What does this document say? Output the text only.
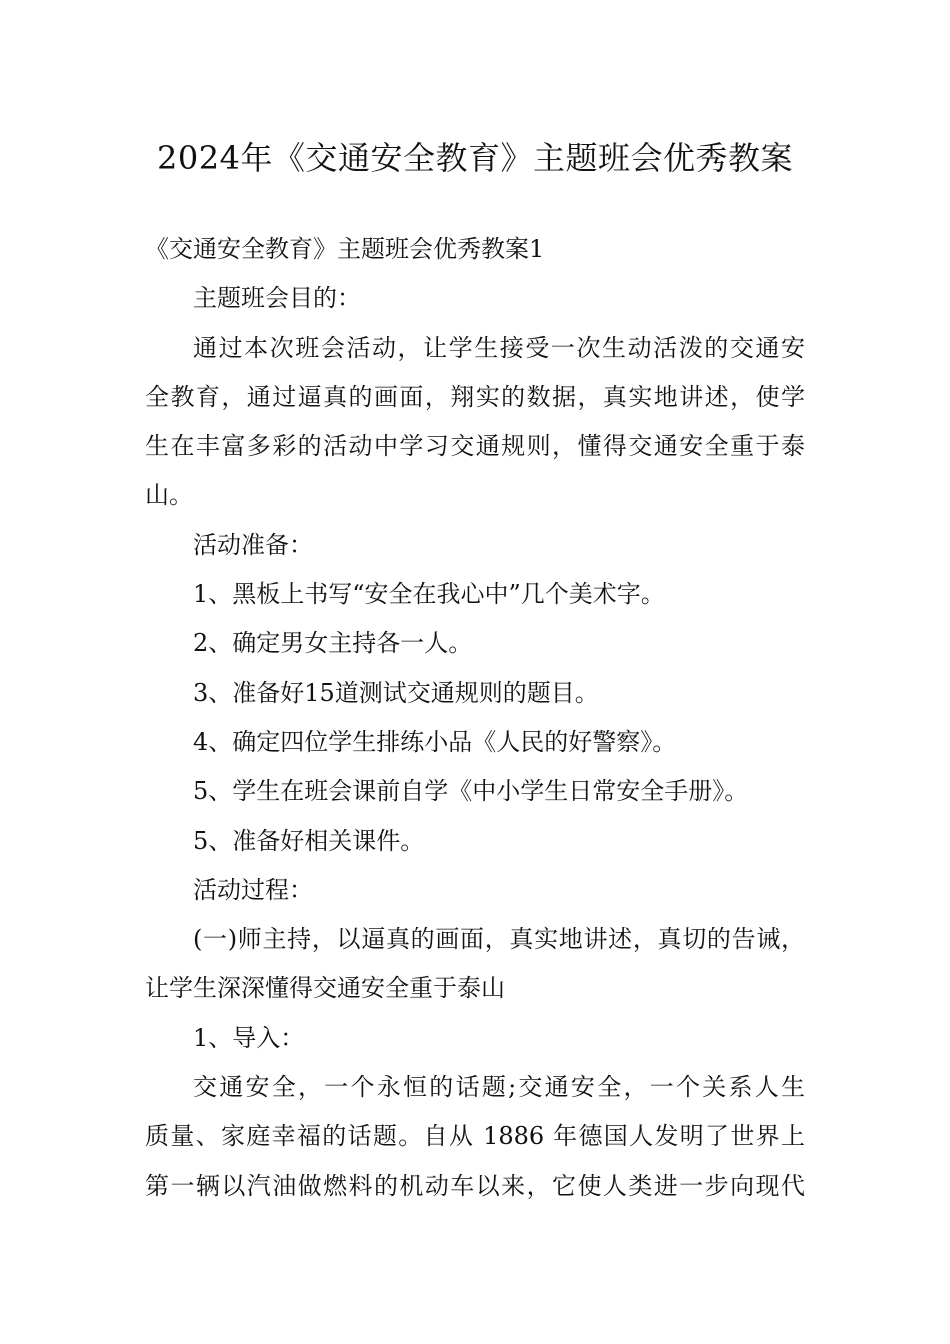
2024年《交通安全教育》主题班会优秀教案
《交通安全教育》主题班会优秀教案1
主题班会目的：
通过本次班会活动，让学生接受一次生动活泼的交通安
全教育，通过逼真的画面，翔实的数据，真实地讲述，使学
生在丰富多彩的活动中学习交通规则，懂得交通安全重于泰
山。
活动准备：
1、黑板上书写“安全在我心中”几个美术字。
2、确定男女主持各一人。
3、准备好15道测试交通规则的题目。
4、确定四位学生排练小品《人民的好警察》。
5、学生在班会课前自学《中小学生日常安全手册》。
5、准备好相关课件。
活动过程：
(一)师主持，以逼真的画面，真实地讲述，真切的告诫，
让学生深深懂得交通安全重于泰山
1、导入：
交通安全，一个永恒的话题;交通安全，一个关系人生
质量、家庭幸福的话题。自从 1886 年德国人发明了世界上
第一辆以汽油做燃料的机动车以来，它使人类进一步向现代
